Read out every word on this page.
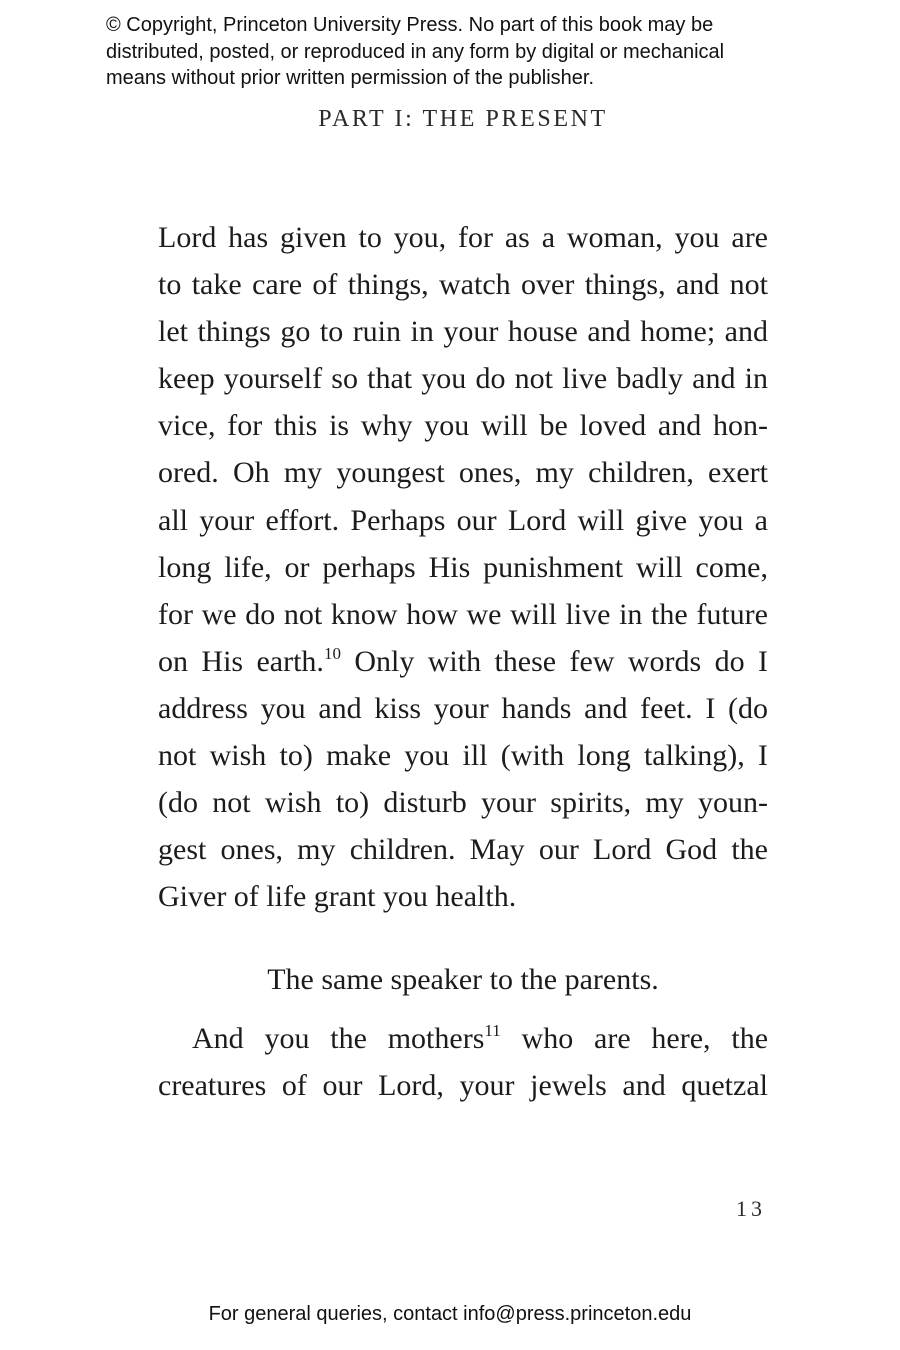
© Copyright, Princeton University Press. No part of this book may be
distributed, posted, or reproduced in any form by digital or mechanical
means without prior written permission of the publisher.
PART I: THE PRESENT
Lord has given to you, for as a woman, you are
to take care of things, watch over things, and not
let things go to ruin in your house and home; and
keep yourself so that you do not live badly and in
vice, for this is why you will be loved and hon-
ored. Oh my youngest ones, my children, exert
all your effort. Perhaps our Lord will give you a
long life, or perhaps His punishment will come,
for we do not know how we will live in the future
on His earth.$^{10}$ Only with these few words do I
address you and kiss your hands and feet. I (do
not wish to) make you ill (with long talking), I
(do not wish to) disturb your spirits, my youn-
gest ones, my children. May our Lord God the
Giver of life grant you health.
The same speaker to the parents.
And you the mothers$^{11}$ who are here, the
creatures of our Lord, your jewels and quetzal
13
For general queries, contact info@press.princeton.edu
